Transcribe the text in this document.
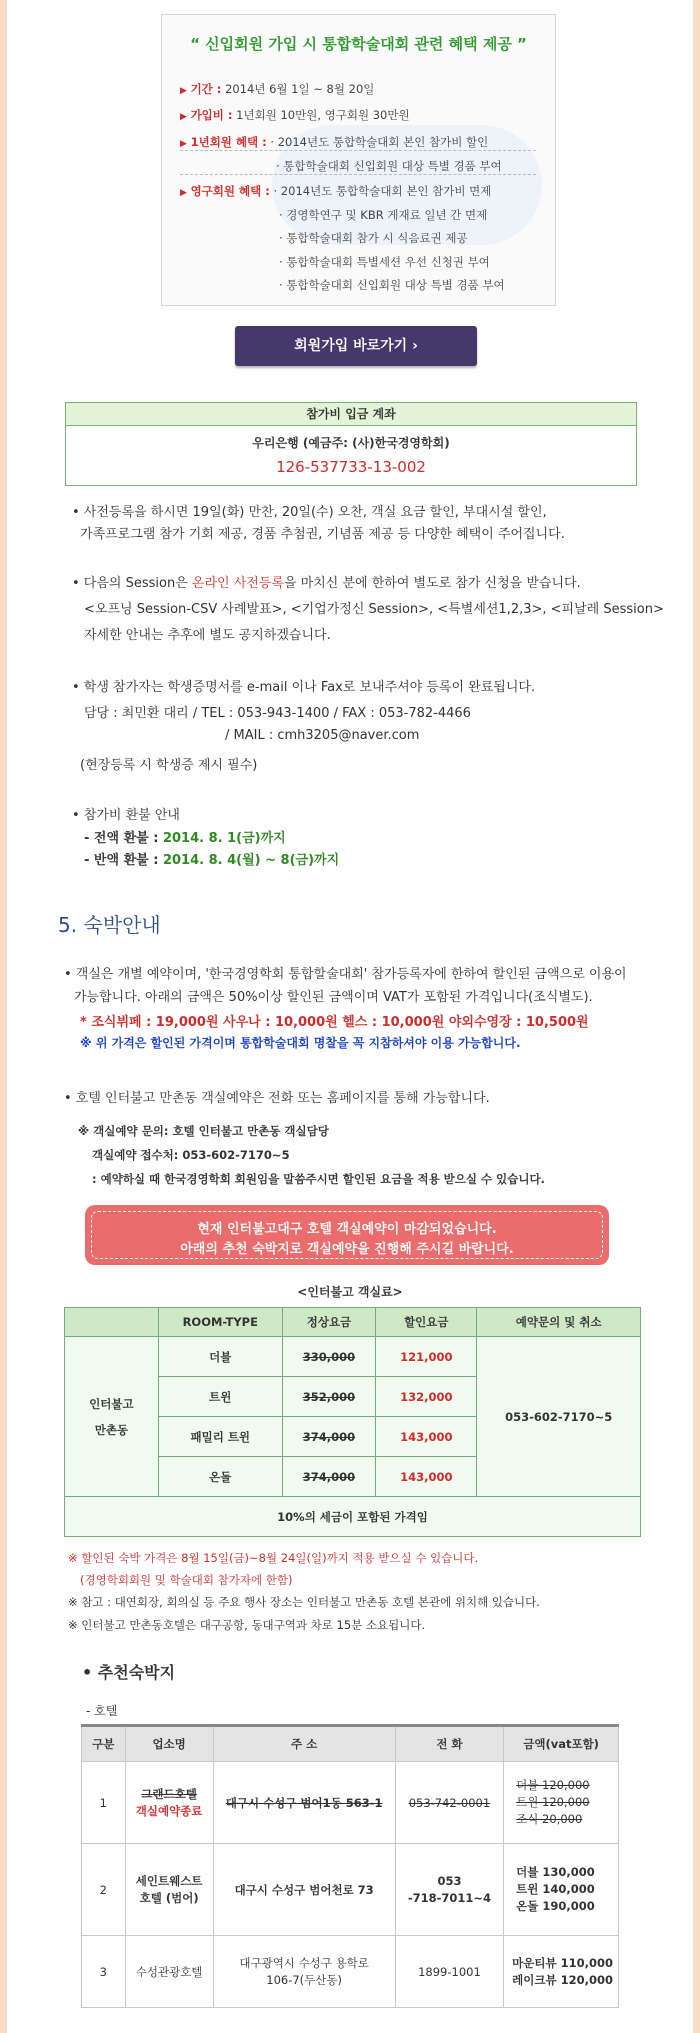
“ 신입회원 가입 시 통합학술대회 관련 혜택 제공 ”
▶ 기간 : 2014년 6월 1일 ~ 8월 20일
▶ 가입비 : 1년회원 10만원, 영구회원 30만원
▶ 1년회원 혜택 : · 2014년도 통합학술대회 본인 참가비 할인
· 통합학술대회 신입회원 대상 특별 경품 부여
▶ 영구회원 혜택 : · 2014년도 통합학술대회 본인 참가비 면제
· 경영학연구 및 KBR 게재료 일년 간 면제
· 통합학술대회 참가 시 식음료권 제공
· 통합학술대회 특별세션 우선 신청권 부여
· 통합학술대회 신입회원 대상 특별 경품 부여
회원가입 바로가기 ›
참가비 입금 계좌
우리은행 (예금주: (사)한국경영학회)
126-537733-13-002
• 사전등록을 하시면 19일(화) 만찬, 20일(수) 오찬, 객실 요금 할인, 부대시설 할인,
가족프로그램 참가 기회 제공, 경품 추첨권, 기념품 제공 등 다양한 혜택이 주어집니다.
• 다음의 Session은 온라인 사전등록을 마치신 분에 한하여 별도로 참가 신청을 받습니다.
<오프닝 Session-CSV 사례발표>, <기업가정신 Session>, <특별세션1,2,3>, <피날레 Session>
자세한 안내는 추후에 별도 공지하겠습니다.
• 학생 참가자는 학생증명서를 e-mail 이나 Fax로 보내주셔야 등록이 완료됩니다.
담당 : 최민환 대리 / TEL : 053-943-1400 / FAX : 053-782-4466
/ MAIL : cmh3205@naver.com
(현장등록 시 학생증 제시 필수)
• 참가비 환불 안내
- 전액 환불 : 2014. 8. 1(금)까지
- 반액 환불 : 2014. 8. 4(월) ~ 8(금)까지
5. 숙박안내
• 객실은 개별 예약이며, '한국경영학회 통합할술대회' 참가등록자에 한하여 할인된 금액으로 이용이
가능합니다. 아래의 금액은 50%이상 할인된 금액이며 VAT가 포함된 가격입니다(조식별도).
* 조식뷔페 : 19,000원 사우나 : 10,000원 헬스 : 10,000원 야외수영장 : 10,500원
※ 위 가격은 할인된 가격이며 통합학술대회 명찰을 꼭 지참하셔야 이용 가능합니다.
• 호텔 인터불고 만촌동 객실예약은 전화 또는 홈페이지를 통해 가능합니다.
※ 객실예약 문의: 호텔 인터불고 만촌동 객실담당
객실예약 접수처: 053-602-7170~5
: 예약하실 때 한국경영학회 회원임을 말씀주시면 할인된 요금을 적용 받으실 수 있습니다.
현재 인터불고대구 호텔 객실예약이 마감되었습니다.
아래의 추천 숙박지로 객실예약을 진행해 주시길 바랍니다.
<인터불고 객실료>
	ROOM-TYPE	정상요금	할인요금	예약문의 및 취소
인터불고
만촌동	더블	330,000	121,000	053-602-7170~5
	트윈	352,000	132,000	
	패밀리 트윈	374,000	143,000	
	온돌	374,000	143,000	
10%의 세금이 포함된 가격임				
※ 할인된 숙박 가격은 8월 15일(금)~8월 24일(일)까지 적용 받으실 수 있습니다.
(경영학회회원 및 학술대회 참가자에 한함)
※ 참고 : 대연회장, 회의실 등 주요 행사 장소는 인터불고 만촌동 호텔 본관에 위치해 있습니다.
※ 인터불고 만촌동호텔은 대구공항, 동대구역과 차로 15분 소요됩니다.
• 추천숙박지
- 호텔
구분	업소명	주 소	전 화	금액(vat포함)
1	그랜드호텔
객실예약종료	대구시 수성구 범어1동 563-1	053-742-0001	더블 120,000
트윈 120,000
조식 20,000
2	세인트웨스트
호텔 (범어)	대구시 수성구 범어천로 73	053
-718-7011~4	더블 130,000
트윈 140,000
온돌 190,000
3	수성관광호텔	대구광역시 수성구 용학로
106-7(두산동)	1899-1001	마운티뷰 110,000
레이크뷰 120,000
